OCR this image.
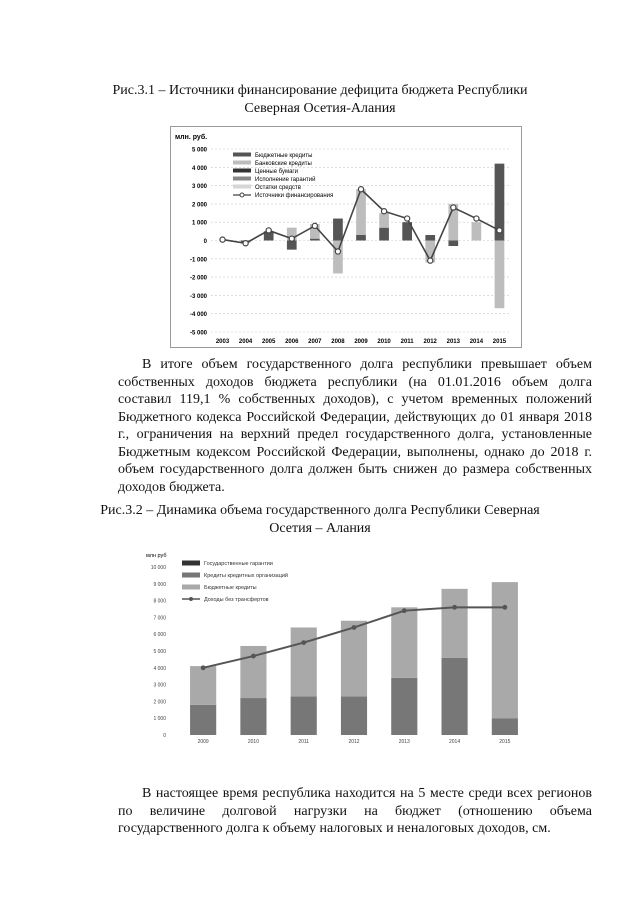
Рис.3.1 – Источники финансирование дефицита бюджета Республики
Северная Осетия-Алания
млн. руб.
5 000
4 000
3 000
2 000
1 000
0
-1 000
-2 000
-3 000
-4 000
-5 000
2003 2004 2005 2006 2007 2008 2009 2010 2011 2012 2013 2014 2015
Бюджетные кредиты
Банковские кредиты
Ценные бумаги
Исполнение гарантий
Остатки средств
Источники финансирования
В итоге объем государственного долга республики превышает объем собственных доходов бюджета республики (на 01.01.2016 объем долга составил 119,1 % собственных доходов), с учетом временных положений Бюджетного кодекса Российской Федерации, действующих до 01 января 2018 г., ограничения на верхний предел государственного долга, установленные Бюджетным кодексом Российской Федерации, выполнены, однако до 2018 г. объем государственного долга должен быть снижен до размера собственных доходов бюджета.
Рис.3.2 – Динамика объема государственного долга Республики Северная
Осетия – Алания
млн руб
10 000
9 000
8 000
7 000
6 000
5 000
4 000
3 000
2 000
1 000
0
2009	2010	2011	2012	2013	2014	2015
Государственные гарантии
Кредиты кредитных организаций
Бюджетные кредиты
Доходы без трансфертов
В настоящее время республика находится на 5 месте среди всех регионов по величине долговой нагрузки на бюджет (отношению объема государственного долга к объему налоговых и неналоговых доходов, см.
